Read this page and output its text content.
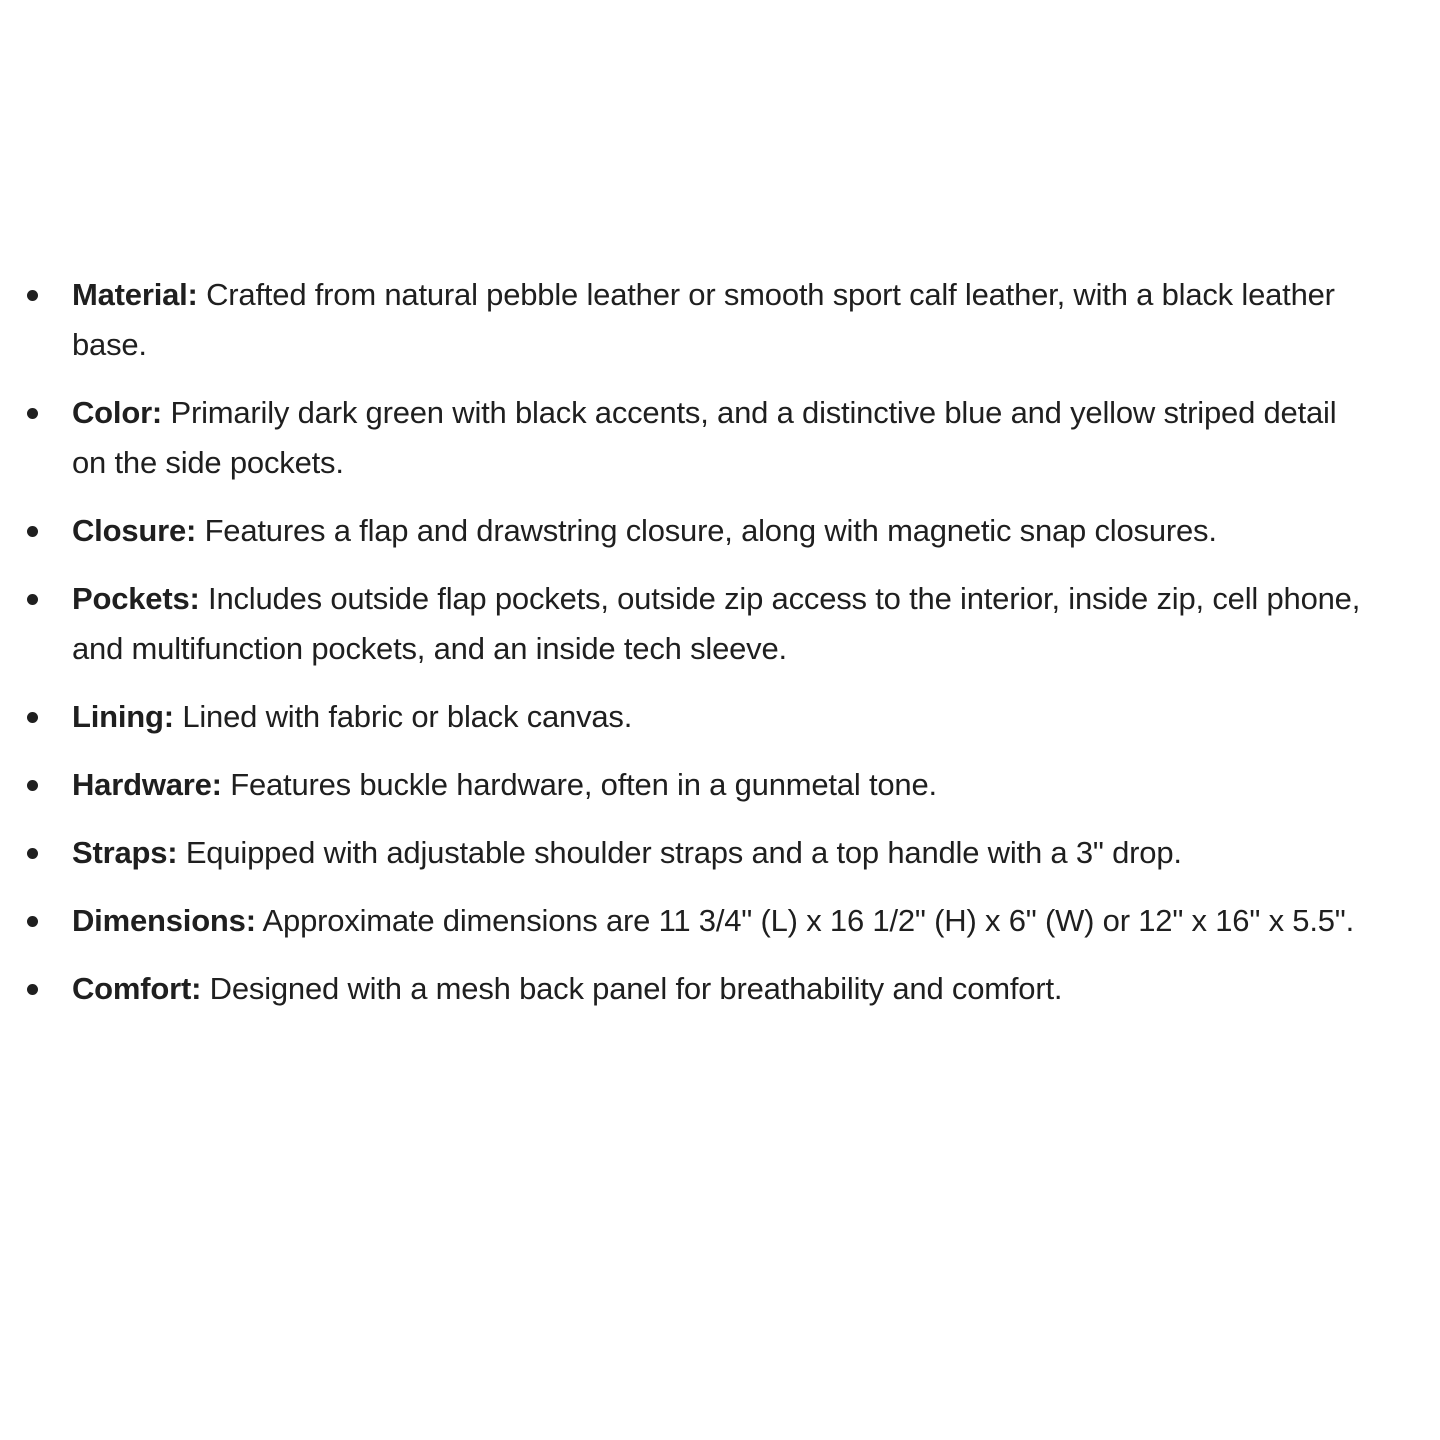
Material: Crafted from natural pebble leather or smooth sport calf leather, with a black leather base.
Color: Primarily dark green with black accents, and a distinctive blue and yellow striped detail on the side pockets.
Closure: Features a flap and drawstring closure, along with magnetic snap closures.
Pockets: Includes outside flap pockets, outside zip access to the interior, inside zip, cell phone, and multifunction pockets, and an inside tech sleeve.
Lining: Lined with fabric or black canvas.
Hardware: Features buckle hardware, often in a gunmetal tone.
Straps: Equipped with adjustable shoulder straps and a top handle with a 3" drop.
Dimensions: Approximate dimensions are 11 3/4" (L) x 16 1/2" (H) x 6" (W) or 12" x 16" x 5.5".
Comfort: Designed with a mesh back panel for breathability and comfort.
